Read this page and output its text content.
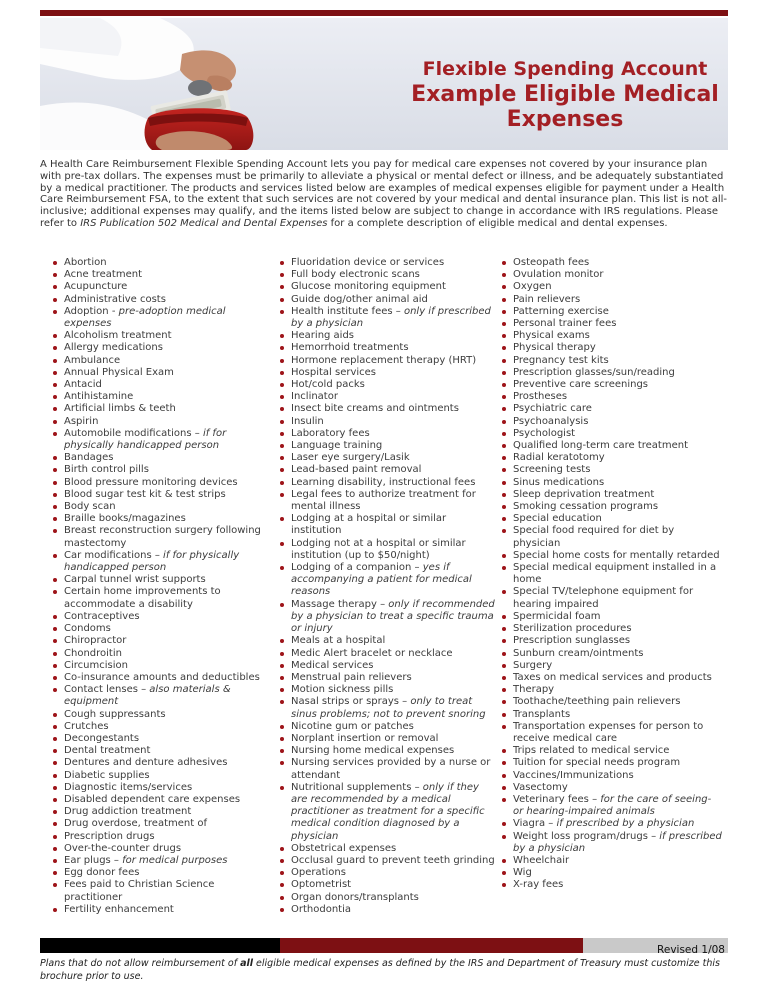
Flexible Spending Account
Example Eligible Medical Expenses

A Health Care Reimbursement Flexible Spending Account lets you pay for medical care expenses not covered by your insurance plan with pre-tax dollars. The expenses must be primarily to alleviate a physical or mental defect or illness, and be adequately substantiated by a medical practitioner. The products and services listed below are examples of medical expenses eligible for payment under a Health Care Reimbursement FSA, to the extent that such services are not covered by your medical and dental insurance plan. This list is not all-inclusive; additional expenses may qualify, and the items listed below are subject to change in accordance with IRS regulations. Please refer to IRS Publication 502 Medical and Dental Expenses for a complete description of eligible medical and dental expenses.

Abortion
Acne treatment
Acupuncture
Administrative costs
Adoption - pre-adoption medical expenses
Alcoholism treatment
Allergy medications
Ambulance
Annual Physical Exam
Antacid
Antihistamine
Artificial limbs & teeth
Aspirin
Automobile modifications – if for physically handicapped person
Bandages
Birth control pills
Blood pressure monitoring devices
Blood sugar test kit & test strips
Body scan
Braille books/magazines
Breast reconstruction surgery following mastectomy
Car modifications – if for physically handicapped person
Carpal tunnel wrist supports
Certain home improvements to accommodate a disability
Contraceptives
Condoms
Chiropractor
Chondroitin
Circumcision
Co-insurance amounts and deductibles
Contact lenses – also materials & equipment
Cough suppressants
Crutches
Decongestants
Dental treatment
Dentures and denture adhesives
Diabetic supplies
Diagnostic items/services
Disabled dependent care expenses
Drug addiction treatment
Drug overdose, treatment of
Prescription drugs
Over-the-counter drugs
Ear plugs – for medical purposes
Egg donor fees
Fees paid to Christian Science practitioner
Fertility enhancement
Fluoridation device or services
Full body electronic scans
Glucose monitoring equipment
Guide dog/other animal aid
Health institute fees – only if prescribed by a physician
Hearing aids
Hemorrhoid treatments
Hormone replacement therapy (HRT)
Hospital services
Hot/cold packs
Inclinator
Insect bite creams and ointments
Insulin
Laboratory fees
Language training
Laser eye surgery/Lasik
Lead-based paint removal
Learning disability, instructional fees
Legal fees to authorize treatment for mental illness
Lodging at a hospital or similar institution
Lodging not at a hospital or similar institution (up to $50/night)
Lodging of a companion – yes if accompanying a patient for medical reasons
Massage therapy – only if recommended by a physician to treat a specific trauma or injury
Meals at a hospital
Medic Alert bracelet or necklace
Medical services
Menstrual pain relievers
Motion sickness pills
Nasal strips or sprays – only to treat sinus problems; not to prevent snoring
Nicotine gum or patches
Norplant insertion or removal
Nursing home medical expenses
Nursing services provided by a nurse or attendant
Nutritional supplements – only if they are recommended by a medical practitioner as treatment for a specific medical condition diagnosed by a physician
Obstetrical expenses
Occlusal guard to prevent teeth grinding
Operations
Optometrist
Organ donors/transplants
Orthodontia
Osteopath fees
Ovulation monitor
Oxygen
Pain relievers
Patterning exercise
Personal trainer fees
Physical exams
Physical therapy
Pregnancy test kits
Prescription glasses/sun/reading
Preventive care screenings
Prostheses
Psychiatric care
Psychoanalysis
Psychologist
Qualified long-term care treatment
Radial keratotomy
Screening tests
Sinus medications
Sleep deprivation treatment
Smoking cessation programs
Special education
Special food required for diet by physician
Special home costs for mentally retarded
Special medical equipment installed in a home
Special TV/telephone equipment for hearing impaired
Spermicidal foam
Sterilization procedures
Prescription sunglasses
Sunburn cream/ointments
Surgery
Taxes on medical services and products
Therapy
Toothache/teething pain relievers
Transplants
Transportation expenses for person to receive medical care
Trips related to medical service
Tuition for special needs program
Vaccines/Immunizations
Vasectomy
Veterinary fees – for the care of seeing- or hearing-impaired animals
Viagra – if prescribed by a physician
Weight loss program/drugs – if prescribed by a physician
Wheelchair
Wig
X-ray fees
Revised 1/08

Plans that do not allow reimbursement of all eligible medical expenses as defined by the IRS and Department of Treasury must customize this brochure prior to use.
